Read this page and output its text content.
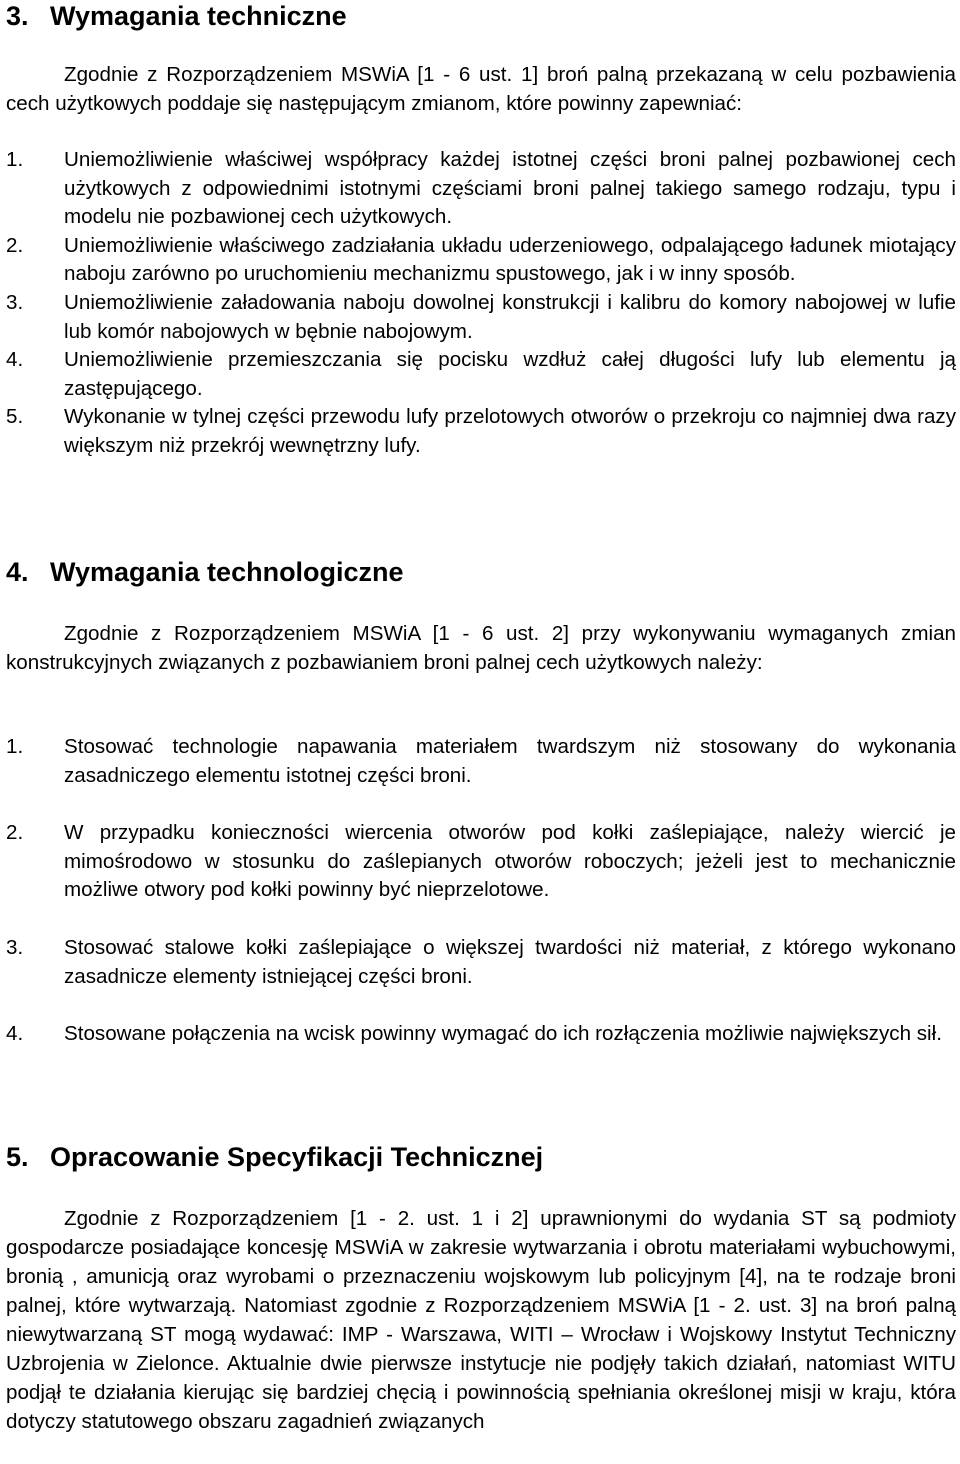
3. Wymagania techniczne

Zgodnie z Rozporządzeniem MSWiA [1 - 6 ust. 1] broń palną przekazaną w celu pozbawienia cech użytkowych poddaje się następującym zmianom, które powinny zapewniać:

1.	Uniemożliwienie właściwej współpracy każdej istotnej części broni palnej pozbawionej cech użytkowych z odpowiednimi istotnymi częściami broni palnej takiego samego rodzaju, typu i modelu nie pozbawionej cech użytkowych.
2.	Uniemożliwienie właściwego zadziałania układu uderzeniowego, odpalającego ładunek miotający naboju zarówno po uruchomieniu mechanizmu spustowego, jak i w inny sposób.
3.	Uniemożliwienie załadowania naboju dowolnej konstrukcji i kalibru do komory nabojowej w lufie lub komór nabojowych w bębnie nabojowym.
4.	Uniemożliwienie przemieszczania się pocisku wzdłuż całej długości lufy lub elementu ją zastępującego.
5.	Wykonanie w tylnej części przewodu lufy przelotowych otworów o przekroju co najmniej dwa razy większym niż przekrój wewnętrzny lufy.
4. Wymagania technologiczne

Zgodnie z Rozporządzeniem MSWiA [1 - 6 ust. 2] przy wykonywaniu wymaganych zmian konstrukcyjnych związanych z pozbawianiem broni palnej cech użytkowych należy:

1.	Stosować technologie napawania materiałem twardszym niż stosowany do wykonania zasadniczego elementu istotnej części broni.
2.	W przypadku konieczności wiercenia otworów pod kołki zaślepiające, należy wiercić je mimośrodowo w stosunku do zaślepianych otworów roboczych; jeżeli jest to mechanicznie możliwe otwory pod kołki powinny być nieprzelotowe.
3.	Stosować stalowe kołki zaślepiające o większej twardości niż materiał, z którego wykonano zasadnicze elementy istniejącej części broni.
4.	Stosowane połączenia na wcisk powinny wymagać do ich rozłączenia możliwie największych sił.
5. Opracowanie Specyfikacji Technicznej

Zgodnie z Rozporządzeniem [1 - 2. ust. 1 i 2] uprawnionymi do wydania ST są podmioty gospodarcze posiadające koncesję MSWiA w zakresie wytwarzania i obrotu materiałami wybuchowymi, bronią , amunicją oraz wyrobami o przeznaczeniu wojskowym lub policyjnym [4], na te rodzaje broni palnej, które wytwarzają. Natomiast zgodnie z Rozporządzeniem MSWiA [1 - 2. ust. 3] na broń palną niewytwarzaną ST mogą wydawać: IMP - Warszawa, WITI – Wrocław i Wojskowy Instytut Techniczny Uzbrojenia w Zielonce. Aktualnie dwie pierwsze instytucje nie podjęły takich działań, natomiast WITU podjął te działania kierując się bardziej chęcią i powinnością spełniania określonej misji w kraju, która dotyczy statutowego obszaru zagadnień związanych
